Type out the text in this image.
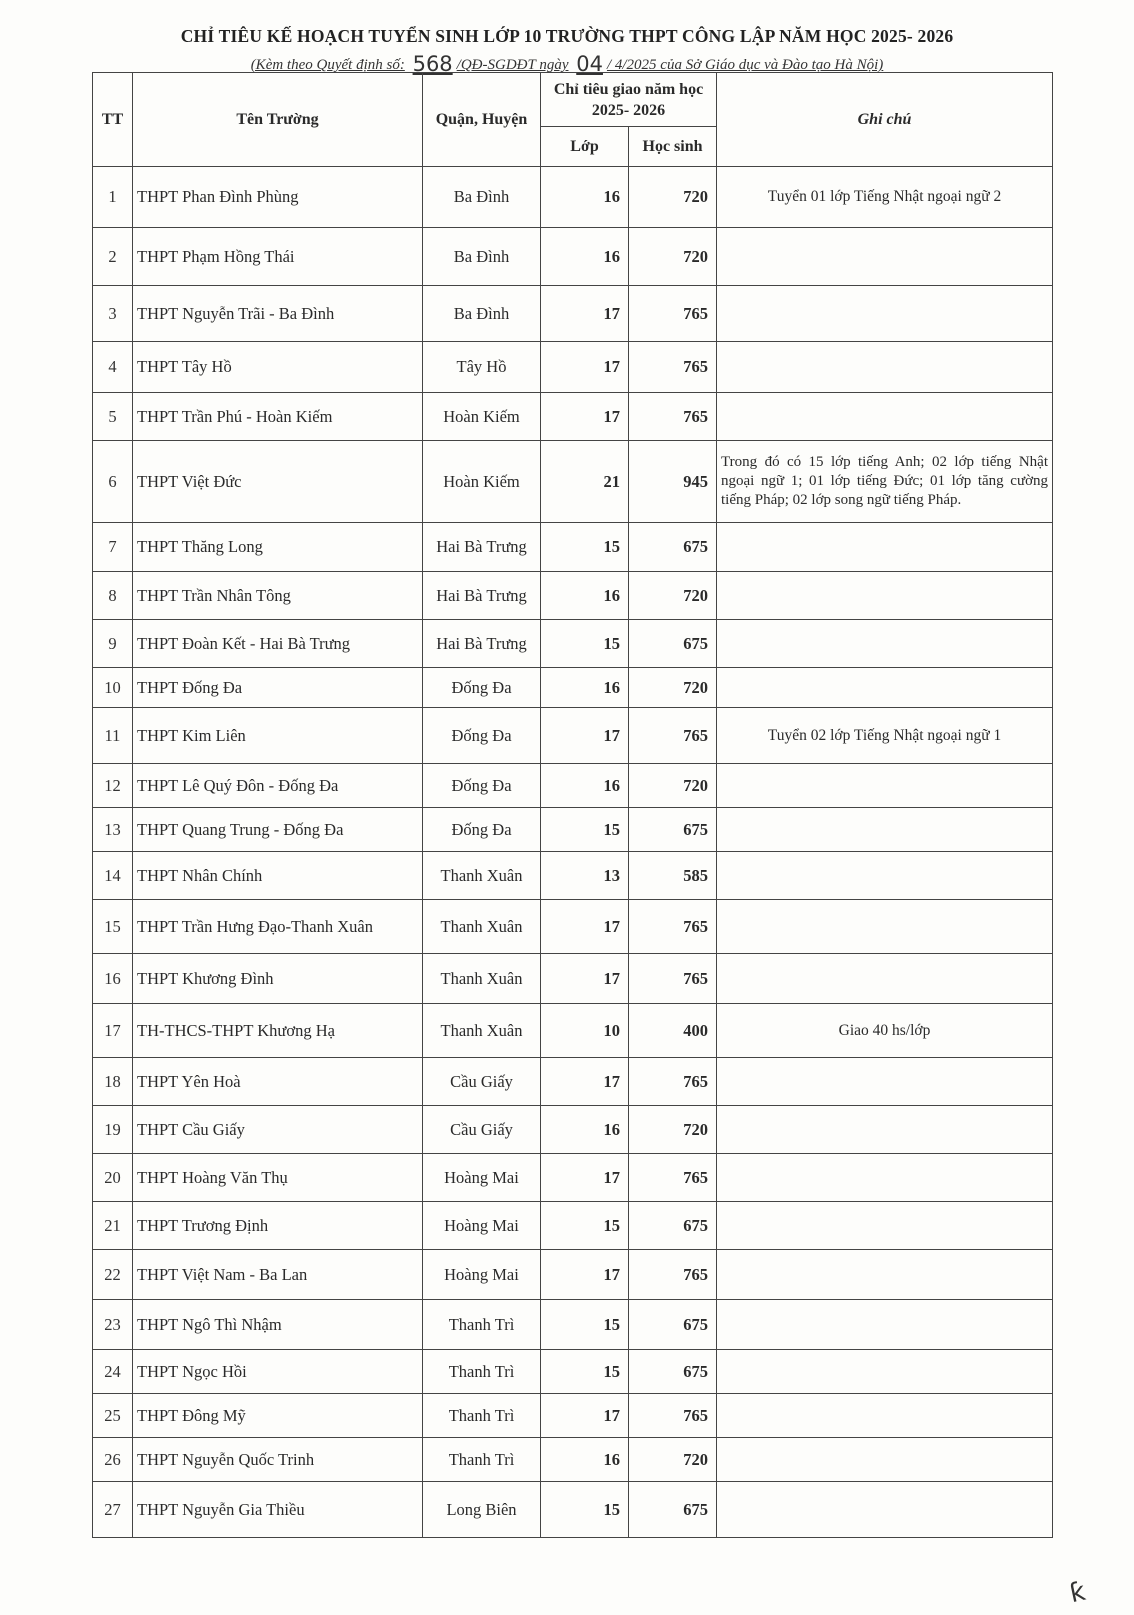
CHỈ TIÊU KẾ HOẠCH TUYỂN SINH LỚP 10 TRƯỜNG THPT CÔNG LẬP NĂM HỌC 2025- 2026
(Kèm theo Quyết định số: 568 /QĐ-SGDĐT ngày 04 / 4/2025 của Sở Giáo dục và Đào tạo Hà Nội)
TT	Tên Trường	Quận, Huyện	Chỉ tiêu giao năm học 2025- 2026		Ghi chú
			Lớp	Học sinh	
1	THPT Phan Đình Phùng	Ba Đình	16	720	Tuyển 01 lớp Tiếng Nhật ngoại ngữ 2
2	THPT Phạm Hồng Thái	Ba Đình	16	720	
3	THPT Nguyễn Trãi - Ba Đình	Ba Đình	17	765	
4	THPT Tây Hồ	Tây Hồ	17	765	
5	THPT Trần Phú - Hoàn Kiếm	Hoàn Kiếm	17	765	
6	THPT Việt Đức	Hoàn Kiếm	21	945	Trong đó có 15 lớp tiếng Anh; 02 lớp tiếng Nhật ngoại ngữ 1; 01 lớp tiếng Đức; 01 lớp tăng cường tiếng Pháp; 02 lớp song ngữ tiếng Pháp.
7	THPT Thăng Long	Hai Bà Trưng	15	675	
8	THPT Trần Nhân Tông	Hai Bà Trưng	16	720	
9	THPT Đoàn Kết - Hai Bà Trưng	Hai Bà Trưng	15	675	
10	THPT Đống Đa	Đống Đa	16	720	
11	THPT Kim Liên	Đống Đa	17	765	Tuyển 02 lớp Tiếng Nhật ngoại ngữ 1
12	THPT Lê Quý Đôn - Đống Đa	Đống Đa	16	720	
13	THPT Quang Trung - Đống Đa	Đống Đa	15	675	
14	THPT Nhân Chính	Thanh Xuân	13	585	
15	THPT Trần Hưng Đạo-Thanh Xuân	Thanh Xuân	17	765	
16	THPT Khương Đình	Thanh Xuân	17	765	
17	TH-THCS-THPT Khương Hạ	Thanh Xuân	10	400	Giao 40 hs/lớp
18	THPT Yên Hoà	Cầu Giấy	17	765	
19	THPT Cầu Giấy	Cầu Giấy	16	720	
20	THPT Hoàng Văn Thụ	Hoàng Mai	17	765	
21	THPT Trương Định	Hoàng Mai	15	675	
22	THPT Việt Nam - Ba Lan	Hoàng Mai	17	765	
23	THPT Ngô Thì Nhậm	Thanh Trì	15	675	
24	THPT Ngọc Hồi	Thanh Trì	15	675	
25	THPT Đông Mỹ	Thanh Trì	17	765	
26	THPT Nguyễn Quốc Trinh	Thanh Trì	16	720	
27	THPT Nguyễn Gia Thiều	Long Biên	15	675	
ƙ
